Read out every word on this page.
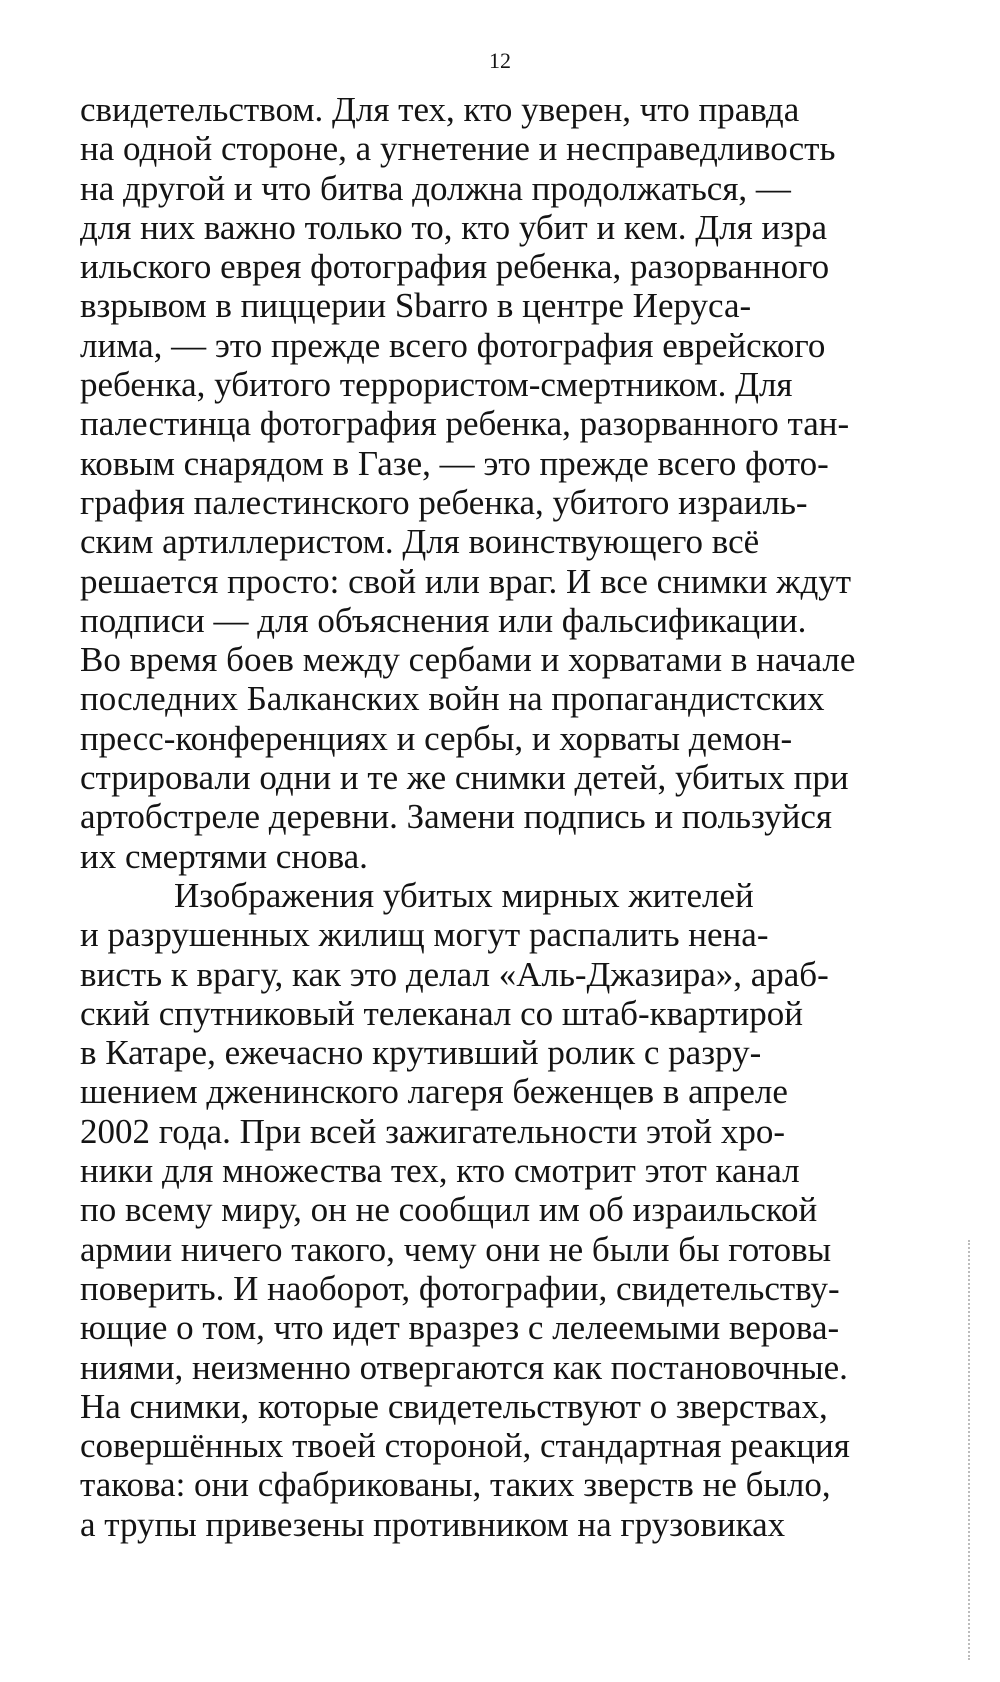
12
свидетельством. Для тех, кто уверен, что правда
на одной стороне, а угнетение и несправедливость
на другой и что битва должна продолжаться, —
для них важно только то, кто убит и кем. Для изра
ильского еврея фотография ребенка, разорванного
взрывом в пиццерии Sbarro в центре Иеруса-
лима, — это прежде всего фотография еврейского
ребенка, убитого террористом-смертником. Для
палестинца фотография ребенка, разорванного тан-
ковым снарядом в Газе, — это прежде всего фото-
графия палестинского ребенка, убитого израиль-
ским артиллеристом. Для воинствующего всё
решается просто: свой или враг. И все снимки ждут
подписи — для объяснения или фальсификации.
Во время боев между сербами и хорватами в начале
последних Балканских войн на пропагандистских
пресс-конференциях и сербы, и хорваты демон-
стрировали одни и те же снимки детей, убитых при
артобстреле деревни. Замени подпись и пользуйся
их смертями снова.
Изображения убитых мирных жителей
и разрушенных жилищ могут распалить нена-
висть к врагу, как это делал «Аль-Джазира», араб-
ский спутниковый телеканал со штаб-квартирой
в Катаре, ежечасно крутивший ролик с разру-
шением дженинского лагеря беженцев в апреле
2002 года. При всей зажигательности этой хро-
ники для множества тех, кто смотрит этот канал
по всему миру, он не сообщил им об израильской
армии ничего такого, чему они не были бы готовы
поверить. И наоборот, фотографии, свидетельству-
ющие о том, что идет вразрез с лелеемыми верова-
ниями, неизменно отвергаются как постановочные.
На снимки, которые свидетельствуют о зверствах,
совершённых твоей стороной, стандартная реакция
такова: они сфабрикованы, таких зверств не было,
а трупы привезены противником на грузовиках
